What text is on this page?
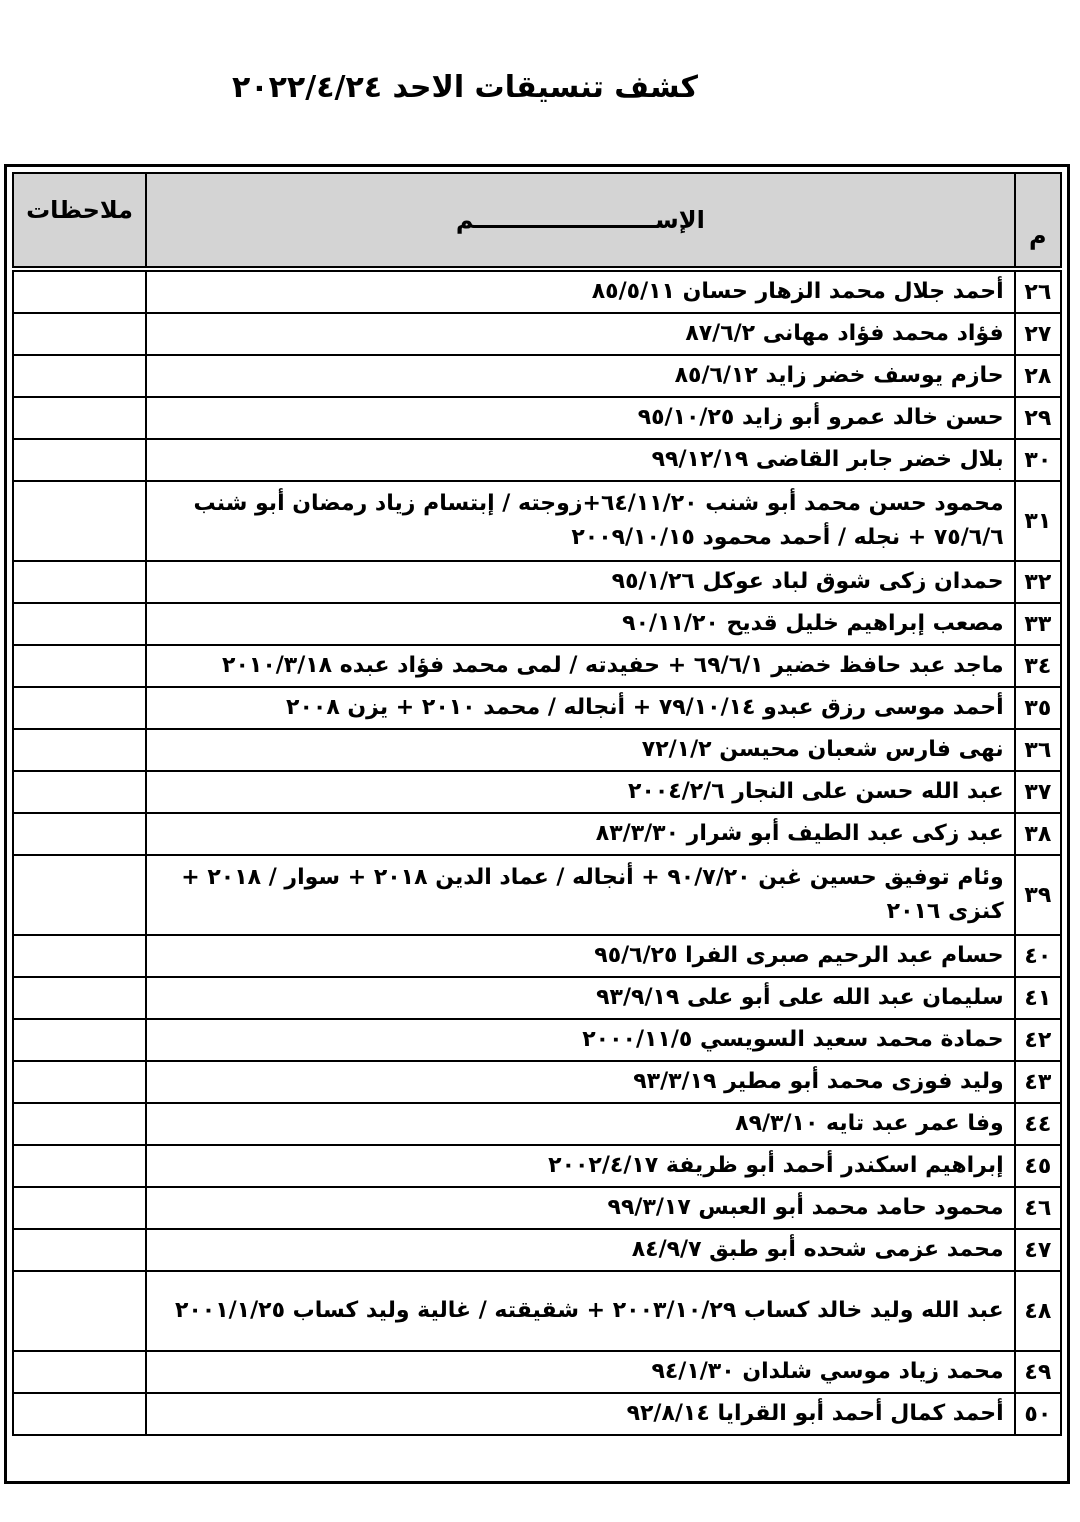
كشف تنسيقات الاحد ٢٠٢٢/٤/٢٤
م	الإســــــــــــــــــــــم	ملاحظات

٢٦	أحمد جلال محمد الزهار حسان ٨٥/٥/١١	
٢٧	فؤاد محمد فؤاد مهانى ٨٧/٦/٢	
٢٨	حازم يوسف خضر زايد ٨٥/٦/١٢	
٢٩	حسن خالد عمرو أبو زايد ٩٥/١٠/٢٥	
٣٠	بلال خضر جابر القاضى ٩٩/١٢/١٩	
٣١	محمود حسن محمد أبو شنب ٦٤/١١/٢٠+زوجته / إبتسام زياد رمضان أبو شنب ٧٥/٦/٦ + نجله / أحمد محمود ٢٠٠٩/١٠/١٥	
٣٢	حمدان زكى شوق لباد عوكل ٩٥/١/٢٦	
٣٣	مصعب إبراهيم خليل قديح ٩٠/١١/٢٠	
٣٤	ماجد عبد حافظ خضير ٦٩/٦/١ + حفيدته / لمى محمد فؤاد عبده ٢٠١٠/٣/١٨	
٣٥	أحمد موسى رزق عبدو ٧٩/١٠/١٤ + أنجاله / محمد ٢٠١٠ + يزن ٢٠٠٨	
٣٦	نهى فارس شعبان محيسن ٧٢/١/٢	
٣٧	عبد الله حسن على النجار ٢٠٠٤/٢/٦	
٣٨	عبد زكى عبد الطيف أبو شرار ٨٣/٣/٣٠	
٣٩	وئام توفيق حسين غبن ٩٠/٧/٢٠ + أنجاله / عماد الدين ٢٠١٨ + سوار / ٢٠١٨ + كنزى ٢٠١٦	
٤٠	حسام عبد الرحيم صبرى الفرا ٩٥/٦/٢٥	
٤١	سليمان عبد الله على أبو على ٩٣/٩/١٩	
٤٢	حمادة محمد سعيد السويسي ٢٠٠٠/١١/٥	
٤٣	وليد فوزى محمد أبو مطير ٩٣/٣/١٩	
٤٤	وفا عمر عبد تايه ٨٩/٣/١٠	
٤٥	إبراهيم اسكندر أحمد أبو ظريفة ٢٠٠٢/٤/١٧	
٤٦	محمود حامد محمد أبو العبس ٩٩/٣/١٧	
٤٧	محمد عزمى شحده أبو طبق ٨٤/٩/٧	
٤٨	عبد الله وليد خالد كساب ٢٠٠٣/١٠/٢٩ + شقيقته / غالية وليد كساب ٢٠٠١/١/٢٥	
٤٩	محمد زياد موسي شلدان ٩٤/١/٣٠	
٥٠	أحمد كمال أحمد أبو القرايا ٩٢/٨/١٤	
